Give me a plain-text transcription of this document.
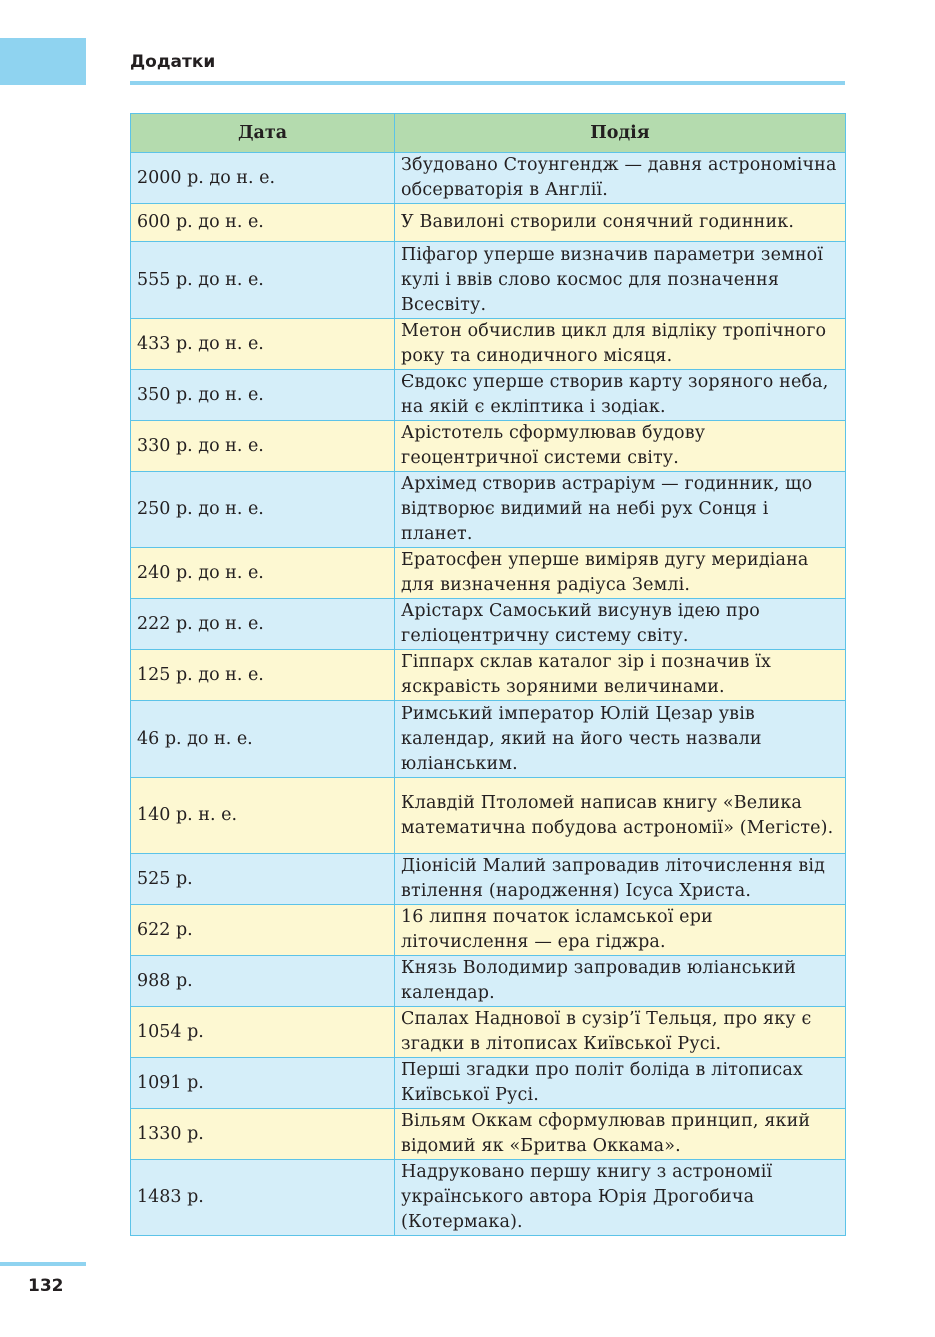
Додатки
Дата	Подія
2000 р. до н. е.	Збудовано Стоунгендж — давня астрономічна обсерваторія в Англії.
600 р. до н. е.	У Вавилоні створили сонячний годинник.
555 р. до н. е.	Піфагор уперше визначив параметри земної кулі і ввів слово космос для позначення Всесвіту.
433 р. до н. е.	Метон обчислив цикл для відліку тропічного року та синодичного місяця.
350 р. до н. е.	Євдокс уперше створив карту зоряного неба, на якій є екліптика і зодіак.
330 р. до н. е.	Арістотель сформулював будову геоцентричної системи світу.
250 р. до н. е.	Архімед створив астраріум — годинник, що відтворює видимий на небі рух Сонця і планет.
240 р. до н. е.	Ератосфен уперше виміряв дугу меридіана для визначення радіуса Землі.
222 р. до н. е.	Арістарх Самоський висунув ідею про геліоцентричну систему світу.
125 р. до н. е.	Гіппарх склав каталог зір і позначив їх яскравість зоряними величинами.
46 р. до н. е.	Римський імператор Юлій Цезар увів календар, який на його честь назвали юліанським.
140 р. н. е.	Клавдій Птоломей написав книгу «Велика математична побудова астрономії» (Мегісте).
525 р.	Діонісій Малий запровадив літочислення від втілення (народження) Ісуса Христа.
622 р.	16 липня початок ісламської ери літочислення — ера гіджра.
988 р.	Князь Володимир запровадив юліанський календар.
1054 р.	Спалах Наднової в сузір’ї Тельця, про яку є згадки в літописах Київської Русі.
1091 р.	Перші згадки про політ боліда в літописах Київської Русі.
1330 р.	Вільям Оккам сформулював принцип, який відомий як «Бритва Оккама».
1483 р.	Надруковано першу книгу з астрономії українського автора Юрія Дрогобича (Котермака).
132
